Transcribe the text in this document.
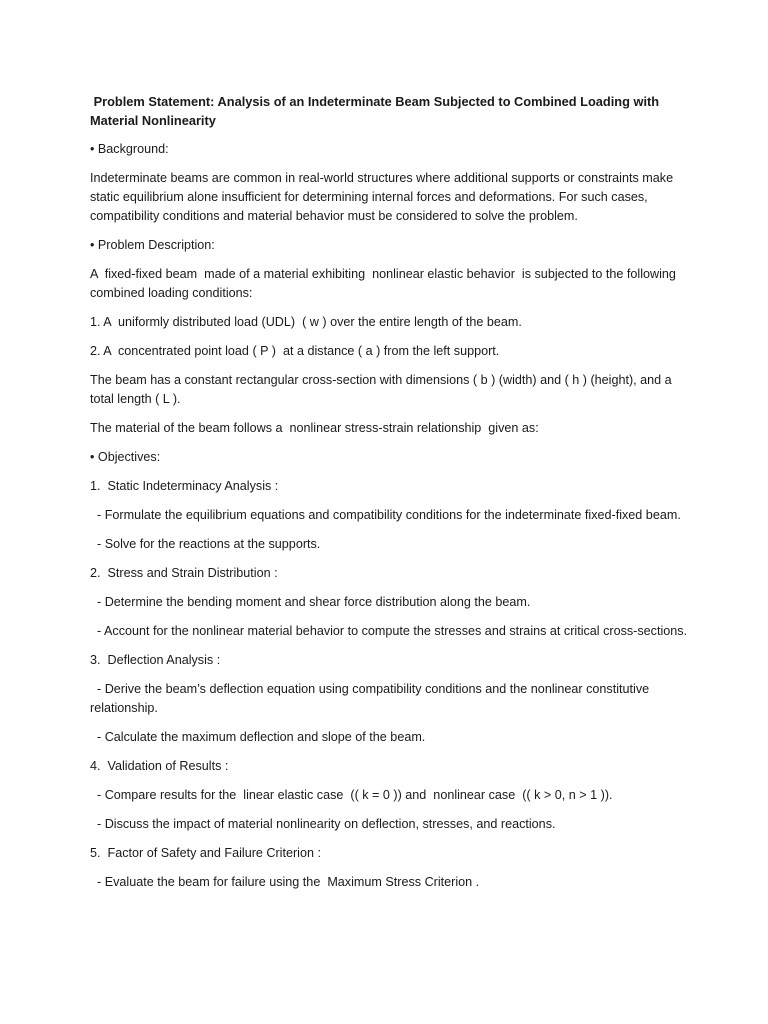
Problem Statement: Analysis of an Indeterminate Beam Subjected to Combined Loading with Material Nonlinearity

• Background:

Indeterminate beams are common in real-world structures where additional supports or constraints make static equilibrium alone insufficient for determining internal forces and deformations. For such cases, compatibility conditions and material behavior must be considered to solve the problem.

• Problem Description:

A  fixed-fixed beam  made of a material exhibiting  nonlinear elastic behavior  is subjected to the following combined loading conditions:

1. A  uniformly distributed load (UDL)  ( w ) over the entire length of the beam.

2. A  concentrated point load ( P )  at a distance ( a ) from the left support.

The beam has a constant rectangular cross-section with dimensions ( b ) (width) and ( h ) (height), and a total length ( L ).

The material of the beam follows a  nonlinear stress-strain relationship  given as:

• Objectives:

1.  Static Indeterminacy Analysis :

- Formulate the equilibrium equations and compatibility conditions for the indeterminate fixed-fixed beam.

- Solve for the reactions at the supports.

2.  Stress and Strain Distribution :

- Determine the bending moment and shear force distribution along the beam.

- Account for the nonlinear material behavior to compute the stresses and strains at critical cross-sections.

3.  Deflection Analysis :

- Derive the beam’s deflection equation using compatibility conditions and the nonlinear constitutive relationship.

- Calculate the maximum deflection and slope of the beam.

4.  Validation of Results :

- Compare results for the  linear elastic case  (( k = 0 )) and  nonlinear case  (( k > 0, n > 1 )).

- Discuss the impact of material nonlinearity on deflection, stresses, and reactions.

5.  Factor of Safety and Failure Criterion :

- Evaluate the beam for failure using the  Maximum Stress Criterion .
